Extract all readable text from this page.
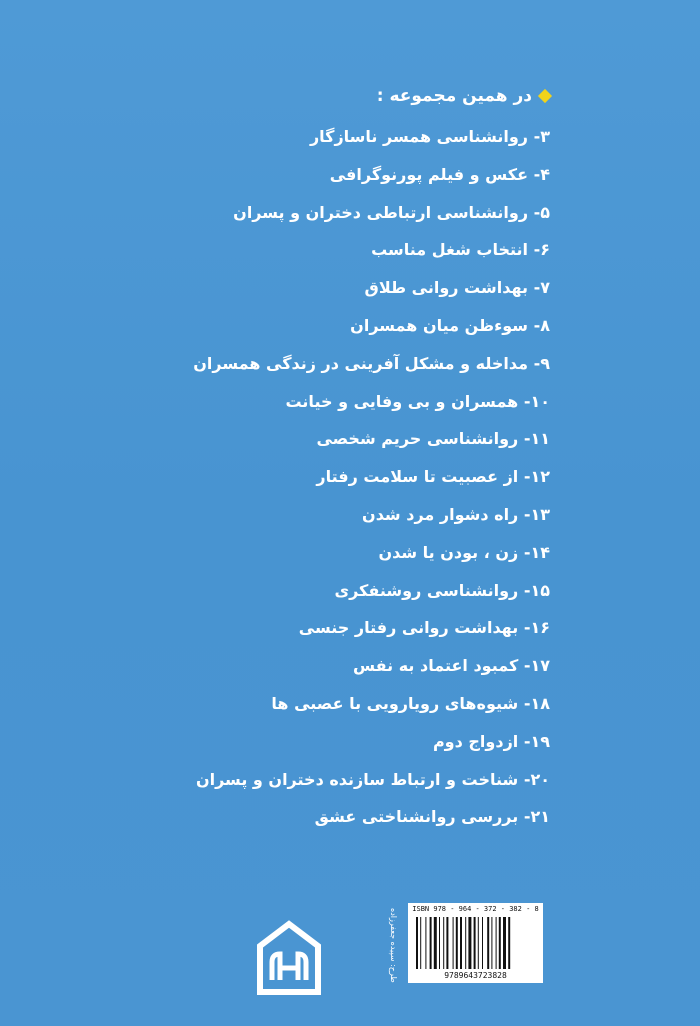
در همین مجموعه :
۳- روانشناسی همسر ناسازگار
۴- عکس و فیلم پورنوگرافی
۵- روانشناسی ارتباطی دختران و پسران
۶- انتخاب شغل مناسب
۷- بهداشت روانی طلاق
۸- سوءظن میان همسران
۹- مداخله و مشکل آفرینی در زندگی همسران
۱۰- همسران و بی وفایی و خیانت
۱۱- روانشناسی حریم شخصی
۱۲- از عصبیت تا سلامت رفتار
۱۳- راه دشوار مرد شدن
۱۴- زن ، بودن یا شدن
۱۵- روانشناسی روشنفکری
۱۶- بهداشت روانی رفتار جنسی
۱۷- کمبود اعتماد به نفس
۱۸- شیوه‌های رویارویی با عصبی ها
۱۹- ازدواج دوم
۲۰- شناخت و ارتباط سازنده دختران و پسران
۲۱- بررسی روانشناختی عشق
طرح: سپیده جعفرزاده	ISBN 978 - 964 - 372 - 382 - 8
9789643723828
